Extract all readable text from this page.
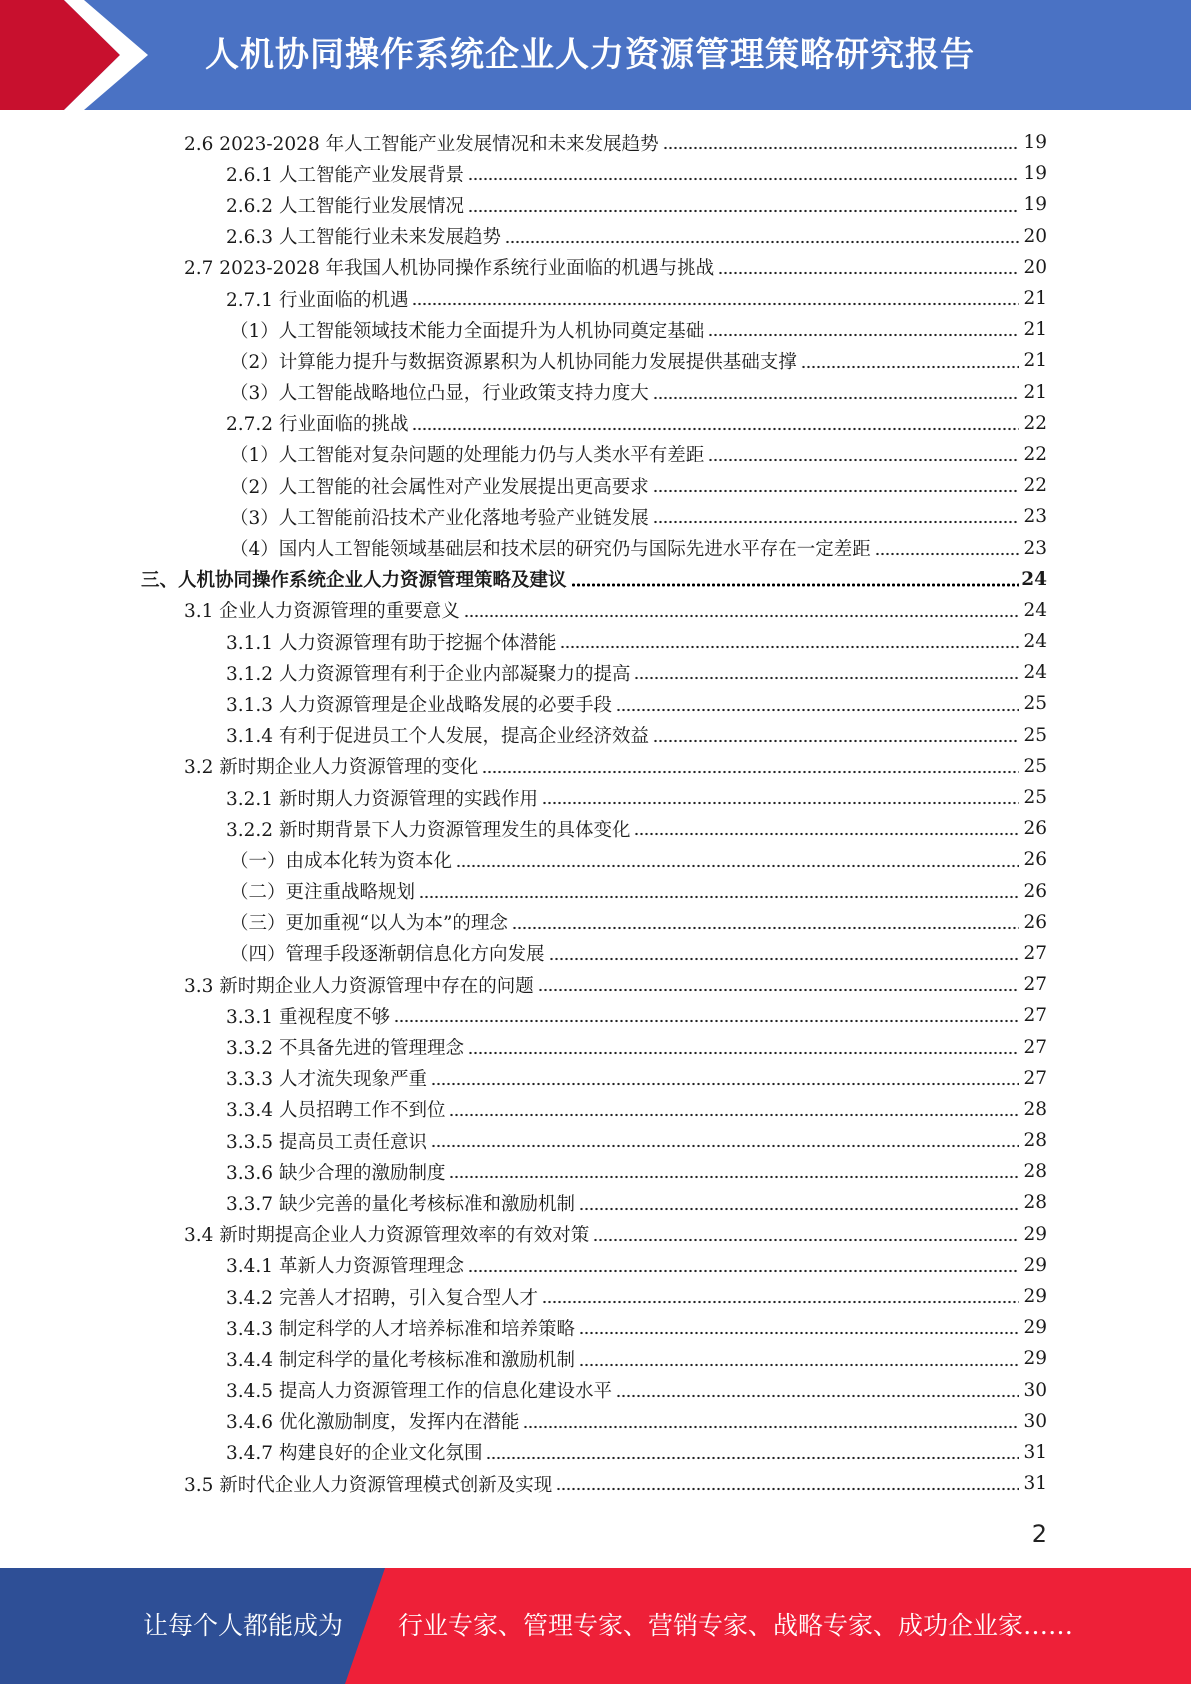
人机协同操作系统企业人力资源管理策略研究报告
2.6 2023-2028 年人工智能产业发展情况和未来发展趋势	19
2.6.1 人工智能产业发展背景	19
2.6.2 人工智能行业发展情况	19
2.6.3 人工智能行业未来发展趋势	20
2.7 2023-2028 年我国人机协同操作系统行业面临的机遇与挑战	20
2.7.1 行业面临的机遇	21
（1）人工智能领域技术能力全面提升为人机协同奠定基础	21
（2）计算能力提升与数据资源累积为人机协同能力发展提供基础支撑	21
（3）人工智能战略地位凸显，行业政策支持力度大	21
2.7.2 行业面临的挑战	22
（1）人工智能对复杂问题的处理能力仍与人类水平有差距	22
（2）人工智能的社会属性对产业发展提出更高要求	22
（3）人工智能前沿技术产业化落地考验产业链发展	23
（4）国内人工智能领域基础层和技术层的研究仍与国际先进水平存在一定差距	23
三、人机协同操作系统企业人力资源管理策略及建议	24
3.1 企业人力资源管理的重要意义	24
3.1.1 人力资源管理有助于挖掘个体潜能	24
3.1.2 人力资源管理有利于企业内部凝聚力的提高	24
3.1.3 人力资源管理是企业战略发展的必要手段	25
3.1.4 有利于促进员工个人发展，提高企业经济效益	25
3.2 新时期企业人力资源管理的变化	25
3.2.1 新时期人力资源管理的实践作用	25
3.2.2 新时期背景下人力资源管理发生的具体变化	26
（一）由成本化转为资本化	26
（二）更注重战略规划	26
（三）更加重视“以人为本”的理念	26
（四）管理手段逐渐朝信息化方向发展	27
3.3 新时期企业人力资源管理中存在的问题	27
3.3.1 重视程度不够	27
3.3.2 不具备先进的管理理念	27
3.3.3 人才流失现象严重	27
3.3.4 人员招聘工作不到位	28
3.3.5 提高员工责任意识	28
3.3.6 缺少合理的激励制度	28
3.3.7 缺少完善的量化考核标准和激励机制	28
3.4 新时期提高企业人力资源管理效率的有效对策	29
3.4.1 革新人力资源管理理念	29
3.4.2 完善人才招聘，引入复合型人才	29
3.4.3 制定科学的人才培养标准和培养策略	29
3.4.4 制定科学的量化考核标准和激励机制	29
3.4.5 提高人力资源管理工作的信息化建设水平	30
3.4.6 优化激励制度，发挥内在潜能	30
3.4.7 构建良好的企业文化氛围	31
3.5 新时代企业人力资源管理模式创新及实现	31
2
让每个人都能成为 行业专家、管理专家、营销专家、战略专家、成功企业家……
